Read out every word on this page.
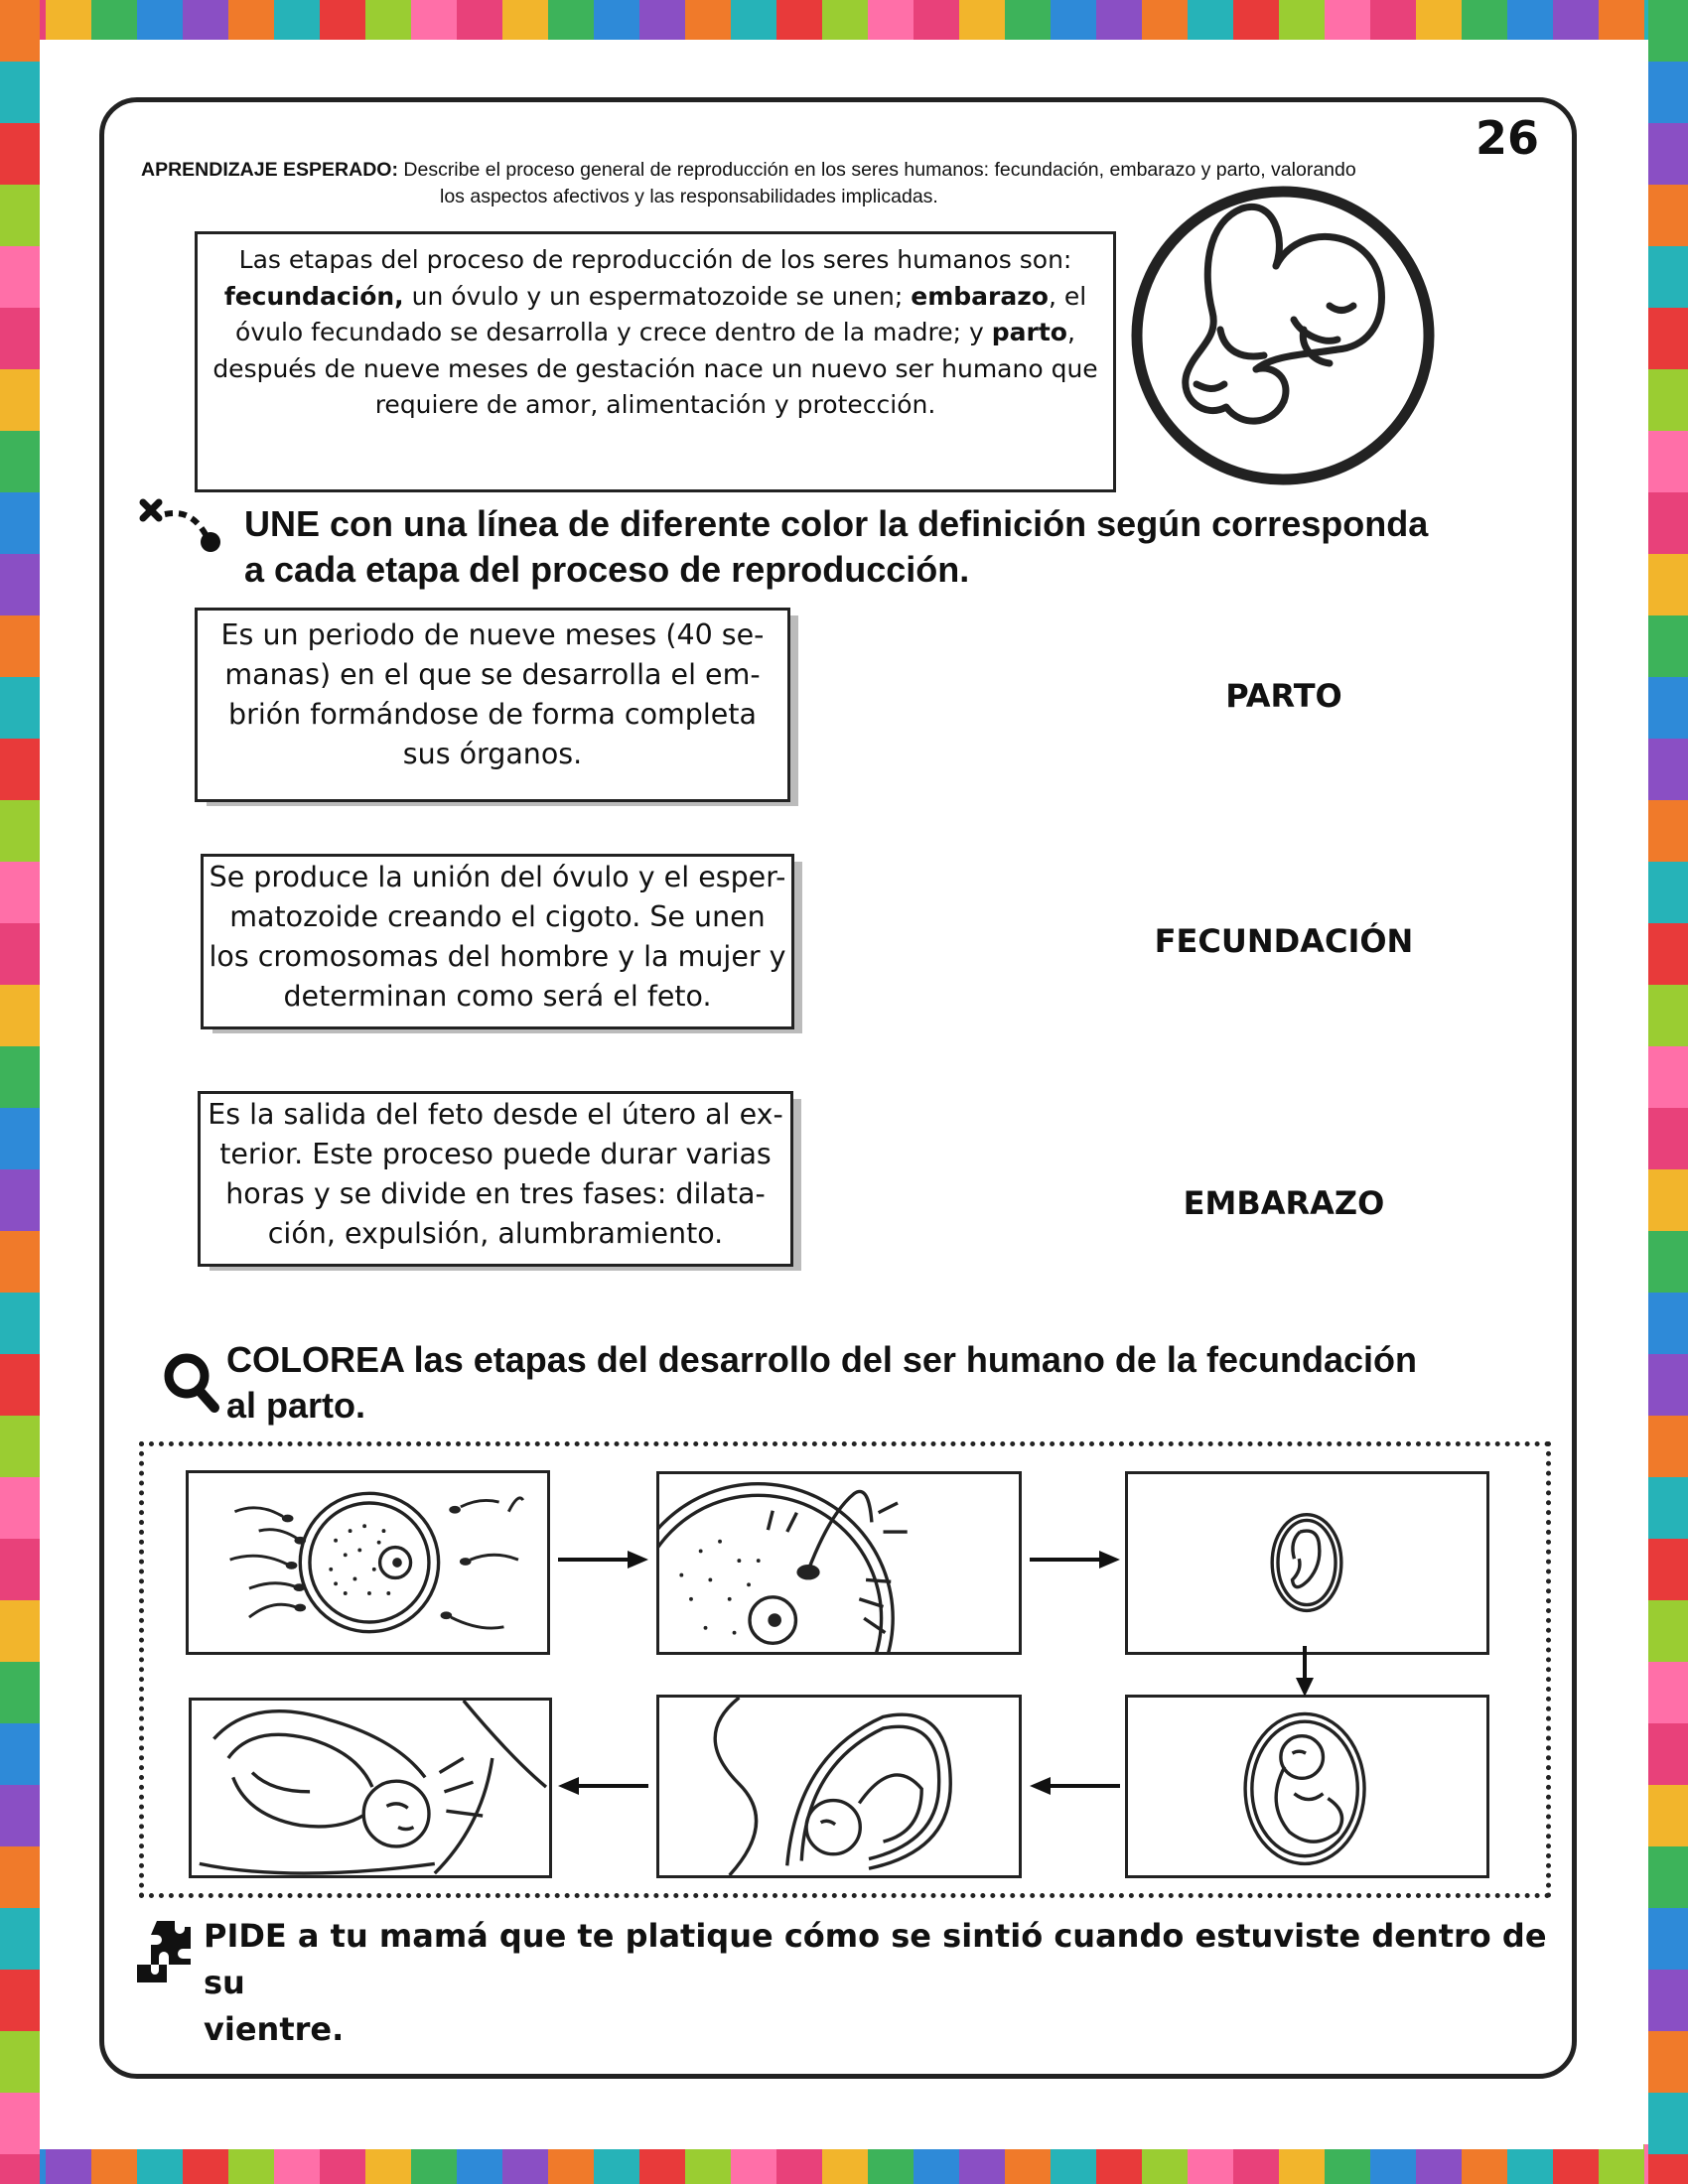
26
APRENDIZAJE ESPERADO: Describe el proceso general de reproducción en los seres humanos: fecundación, embarazo y parto, valorando
los aspectos afectivos y las responsabilidades implicadas.
Las etapas del proceso de reproducción de los seres humanos son: fecundación, un óvulo y un espermatozoide se unen; embarazo, el óvulo fecundado se desarrolla y crece dentro de la madre; y parto, después de nueve meses de gestación nace un nuevo ser humano que requiere de amor, alimentación y protección.
UNE con una línea de diferente color la definición según corresponda
a cada etapa del proceso de reproducción.
Es un periodo de nueve meses (40 se-
manas) en el que se desarrolla el em-
brión formándose de forma completa
sus órganos.
Se produce la unión del óvulo y el esper-
matozoide creando el cigoto. Se unen
los cromosomas del hombre y la mujer y
determinan como será el feto.
Es la salida del feto desde el útero al ex-
terior. Este proceso puede durar varias
horas y se divide en tres fases: dilata-
ción, expulsión, alumbramiento.
PARTO
FECUNDACIÓN
EMBARAZO
COLOREA las etapas del desarrollo del ser humano de la fecundación
al parto.
PIDE a tu mamá que te platique cómo se sintió cuando estuviste dentro de su
vientre.
